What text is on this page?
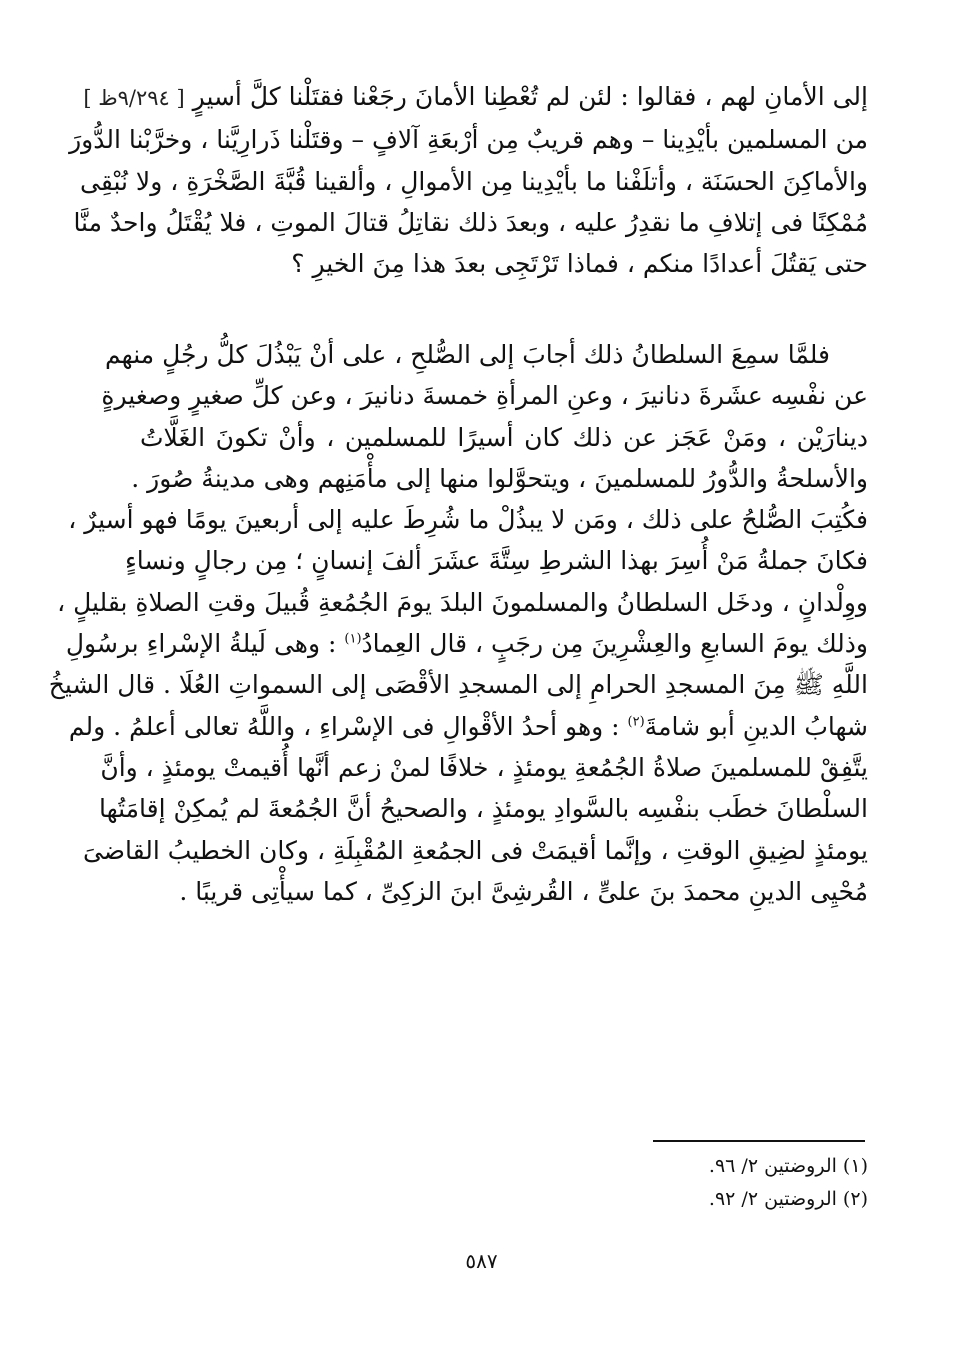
إلى الأمانِ لهم ، فقالوا : لئن لم تُعْطِنا الأمانَ رجَعْنا فقتَلْنا كلَّ أسيرٍ [ ٩/٢٩٤ظ ]
من المسلمين بأيْدِينا – وهم قريبٌ مِن أرْبعَةِ آلافٍ – وقتَلْنا ذَرارِيَّنا ، وخرَّبْنا الدُّورَ
والأماكِنَ الحسَنَة ، وأتلَفْنا ما بأيْدِينا مِن الأموالِ ، وألقينا قُبَّةَ الصَّخْرَةِ ، ولا نُبْقِى
مُمْكِنًا فى إتلافِ ما نقدِرُ عليه ، وبعدَ ذلك نقاتِلُ قتالَ الموتِ ، فلا يُقْتَلُ واحدٌ منَّا
حتى يَقتُلَ أعدادًا منكم ، فماذا تَرْتَجِى بعدَ هذا مِنَ الخيرِ ؟
فلمَّا سمِعَ السلطانُ ذلك أجابَ إلى الصُّلحِ ، على أنْ يَبْذُلَ كلُّ رجُلٍ منهم
عن نفْسِه عشَرةَ دنانيرَ ، وعنِ المرأةِ خمسةَ دنانيرَ ، وعن كلِّ صغيرٍ وصغيرةٍ
دينارَيْن ، ومَنْ عَجَز عن ذلك كان أسيرًا للمسلمين ، وأنْ تكونَ الغَلَّاتُ
والأسلحةُ والدُّورُ للمسلمينَ ، ويتحوَّلوا منها إلى مأْمَنِهم وهى مدينةُ صُورَ .
فكُتِبَ الصُّلحُ على ذلك ، ومَن لا يبذُلْ ما شُرِطَ عليه إلى أربعينَ يومًا فهو أسيرٌ ،
فكانَ جملةُ مَنْ أُسِرَ بهذا الشرطِ سِتَّةَ عشَرَ ألفَ إنسانٍ ؛ مِن رجالٍ ونساءٍ
ووِلْدانٍ ، ودخَل السلطانُ والمسلمونَ البلدَ يومَ الجُمُعةِ قُبيلَ وقتِ الصلاةِ بقليلٍ ،
وذلك يومَ السابعِ والعِشْرِينَ مِن رجَبٍ ، قال العِمادُ$^{(١)}$ : وهى لَيلةُ الإسْراءِ برسُولِ
اللَّهِ ﷺ مِنَ المسجدِ الحرامِ إلى المسجدِ الأقْصَى إلى السمواتِ العُلَا . قال الشيخُ
شهابُ الدينِ أبو شامةَ$^{(٢)}$ : وهو أحدُ الأقْوالِ فى الإسْراءِ ، واللَّهُ تعالى أعلمُ . ولم
يتَّفِقْ للمسلمينَ صلاةُ الجُمُعةِ يومئذٍ ، خلافًا لمنْ زعم أنَّها أُقيمتْ يومئذٍ ، وأنَّ
السلْطانَ خطَب بنفْسِه بالسَّوادِ يومئذٍ ، والصحيحُ أنَّ الجُمُعةَ لم يُمكِنْ إقامَتُها
يومئذٍ لضِيقِ الوقتِ ، وإنَّما أقيمَتْ فى الجمُعةِ المُقْبِلَةِ ، وكان الخطيبُ القاضىَ
مُحْيِى الدينِ محمدَ بنَ علىٍّ ، القُرشِىَّ ابنَ الزكِىِّ ، كما سيأْتِى قريبًا .
(١) الروضتين ٢/ ٩٦.
(٢) الروضتين ٢/ ٩٢.
٥٨٧
